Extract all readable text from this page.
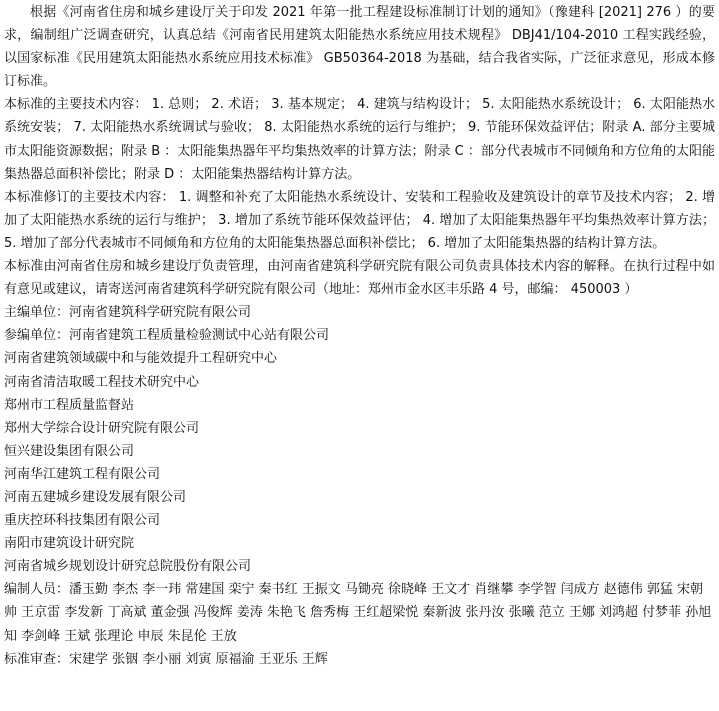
根据《河南省住房和城乡建设厅关于印发 2021 年第一批工程建设标准制订计划的通知》（豫建科 [2021] 276 ）的要求，编制组广泛调查研究，认真总结《河南省民用建筑太阳能热水系统应用技术规程》 DBJ41/104-2010 工程实践经验，以国家标准《民用建筑太阳能热水系统应用技术标准》 GB50364-2018 为基础，结合我省实际，广泛征求意见，形成本修订标准。

本标准的主要技术内容： 1. 总则； 2. 术语； 3. 基本规定； 4. 建筑与结构设计； 5. 太阳能热水系统设计； 6. 太阳能热水系统安装； 7. 太阳能热水系统调试与验收； 8. 太阳能热水系统的运行与维护； 9. 节能环保效益评估；附录 A. 部分主要城市太阳能资源数据；附录 B ：太阳能集热器年平均集热效率的计算方法；附录 C ：部分代表城市不同倾角和方位角的太阳能集热器总面积补偿比；附录 D ：太阳能集热器结构计算方法。

本标准修订的主要技术内容： 1. 调整和补充了太阳能热水系统设计、安装和工程验收及建筑设计的章节及技术内容； 2. 增加了太阳能热水系统的运行与维护； 3. 增加了系统节能环保效益评估； 4. 增加了太阳能集热器年平均集热效率计算方法； 5. 增加了部分代表城市不同倾角和方位角的太阳能集热器总面积补偿比； 6. 增加了太阳能集热器的结构计算方法。

本标准由河南省住房和城乡建设厅负责管理，由河南省建筑科学研究院有限公司负责具体技术内容的解释。在执行过程中如有意见或建议，请寄送河南省建筑科学研究院有限公司（地址：郑州市金水区丰乐路 4 号，邮编： 450003 ）

主编单位：河南省建筑科学研究院有限公司

参编单位：河南省建筑工程质量检验测试中心站有限公司

河南省建筑领域碳中和与能效提升工程研究中心

河南省清洁取暖工程技术研究中心

郑州市工程质量监督站

郑州大学综合设计研究院有限公司

恒兴建设集团有限公司

河南华江建筑工程有限公司

河南五建城乡建设发展有限公司

重庆控环科技集团有限公司

南阳市建筑设计研究院

河南省城乡规划设计研究总院股份有限公司

编制人员：潘玉勤 李杰 李一玮 常建国 栾宁 秦书红 王振文 马锄亮 徐晓峰 王文才 肖继攀 李学智 闫成方 赵德伟 郭猛 宋朝帅 王京雷 李发新 丁高斌 董金强 冯俊辉 姜涛 朱艳飞 詹秀梅 王红超梁悦 秦新波 张丹汝 张曦 范立 王娜 刘鸿超 付梦菲 孙旭知 李剑峰 王斌 张理论 申辰 朱昆伦 王放

标准审查：宋建学 张铟 李小丽 刘寅 原福渝 王亚乐 王辉
